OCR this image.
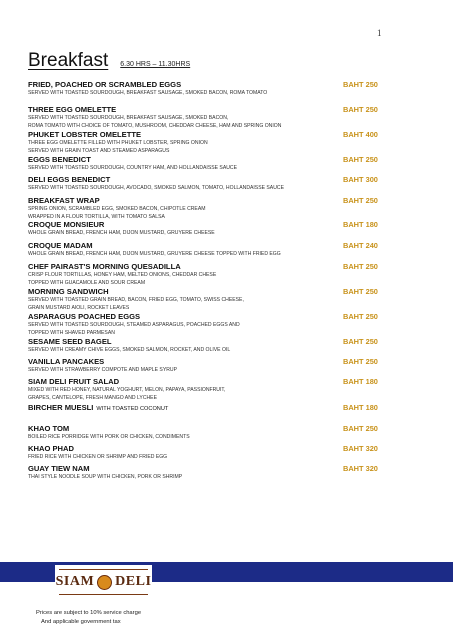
1
Breakfast 6.30 HRS – 11.30HRS
FRIED, POACHED OR SCRAMBLED EGGS
SERVED WITH TOASTED SOURDOUGH, BREAKFAST SAUSAGE, SMOKED BACON, ROMA TOMATO
BAHT 250
THREE EGG OMELETTE
SERVED WITH TOASTED SOURDOUGH, BREAKFAST SAUSAGE, SMOKED BACON,
ROMA TOMATO WITH CHOICE OF TOMATO, MUSHROOM, CHEDDAR CHEESE, HAM AND SPRING ONION
BAHT 250
PHUKET LOBSTER OMELETTE
THREE EGG OMELETTE FILLED WITH PHUKET LOBSTER, SPRING ONION
SERVED WITH GRAIN TOAST AND STEAMED ASPARAGUS
BAHT 400
EGGS BENEDICT
SERVED WITH TOASTED SOURDOUGH, COUNTRY HAM, AND HOLLANDAISSE SAUCE
BAHT 250
DELI EGGS BENEDICT
SERVED WITH TOASTED SOURDOUGH, AVOCADO, SMOKED SALMON, TOMATO, HOLLANDAISSE SAUCE
BAHT 300
BREAKFAST WRAP
SPRING ONION, SCRAMBLED EGG, SMOKED BACON, CHIPOTLE CREAM
WRAPPED IN A FLOUR TORTILLA, WITH TOMATO SALSA
BAHT 250
CROQUE MONSIEUR
WHOLE GRAIN BREAD, FRENCH HAM, DIJON MUSTARD, GRUYERE CHEESE
BAHT 180
CROQUE MADAM
WHOLE GRAIN BREAD, FRENCH HAM, DIJON MUSTARD, GRUYERE CHEESE TOPPED WITH FRIED EGG
BAHT 240
CHEF PAIRAST'S MORNING QUESADILLA
CRISP FLOUR TORTILLAS, HONEY HAM, MELTED ONIONS, CHEDDAR CHESE
TOPPED WITH GUACAMOLE AND SOUR CREAM
BAHT 250
MORNING SANDWICH
SERVED WITH TOASTED GRAIN BREAD, BACON, FRIED EGG, TOMATO, SWISS CHEESE,
GRAIN MUSTARD AIOLI, ROCKET LEAVES
BAHT 250
ASPARAGUS POACHED EGGS
SERVED WITH TOASTED SOURDOUGH, STEAMED ASPARAGUS, POACHED EGGS AND
TOPPED WITH SHAVED PARMESAN
BAHT 250
SESAME SEED BAGEL
SERVED WITH CREAMY CHIVE EGGS, SMOKED SALMON, ROCKET, AND OLIVE OIL
BAHT 250
VANILLA PANCAKES
SERVED WITH STRAWBERRY COMPOTE AND MAPLE SYRUP
BAHT 250
SIAM DELI FRUIT SALAD
MIXED WITH RED HONEY, NATURAL YOGHURT, MELON, PAPAYA, PASSIONFRUIT,
GRAPES, CANTELOPE, FRESH MANGO AND LYCHEE
BAHT 180
BIRCHER MUESLI WITH TOASTED COCONUT	BAHT 180
KHAO TOM
BOILED RICE PORRIDGE WITH PORK OR CHICKEN, CONDIMENTS
BAHT 250
KHAO PHAD
FRIED RICE WITH CHICKEN OR SHRIMP AND FRIED EGG
BAHT 320
GUAY TIEW NAM
THAI STYLE NOODLE SOUP WITH CHICKEN, PORK OR SHRIMP
BAHT 320
SIAM DELI
Prices are subject to 10% service charge
And applicable government tax
